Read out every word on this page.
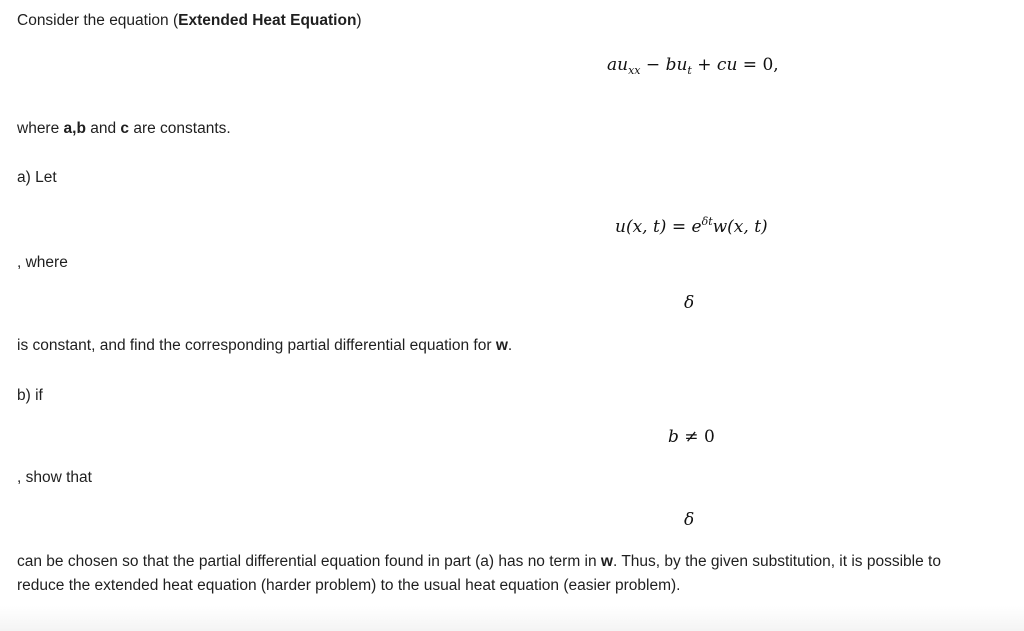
Consider the equation (Extended Heat Equation)

$au_{xx} - bu_t$ + cu = 0,

where a,b and c are constants.

a) Let

u(x, $t) = e^{\delta t}w(x$, t)

, where

δ

is constant, and find the corresponding partial differential equation for w.

b) if

b ≠ 0

, show that

δ

can be chosen so that the partial differential equation found in part (a) has no term in w. Thus, by the given substitution, it is possible to reduce the extended heat equation (harder problem) to the usual heat equation (easier problem).
